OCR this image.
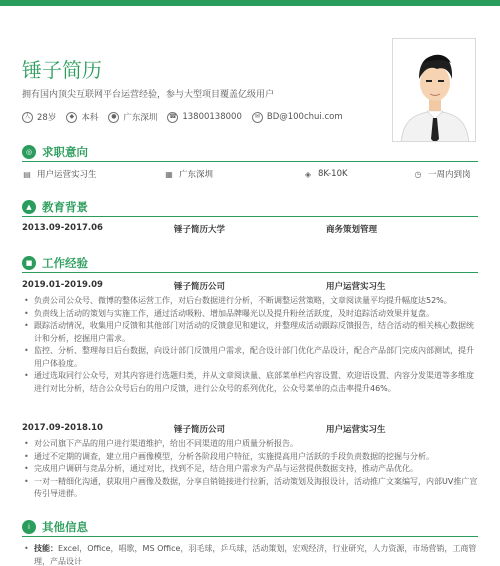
锤子简历
拥有国内顶尖互联网平台运营经验，参与大型项目覆盖亿级用户
人 28岁	◆ 本科	● 广东深圳 ☎ 13800138000	✉ BD@100chui.com
◎ 求职意向
▤ 用户运营实习生	▦ 广东深圳	◈ 8K-10K	◷ 一周内到岗
▲ 教育背景
2013.09-2017.06	锤子简历大学	商务策划管理
■ 工作经验
2019.01-2019.09	锤子简历公司	用户运营实习生
• 负责公司公众号、微博的整体运营工作，对后台数据进行分析，不断调整运营策略，文章阅读量平均提升幅度达52%。
• 负责线上活动的策划与实施工作，通过活动吸粉、增加品牌曝光以及提升粉丝活跃度，及时追踪活动效果并复盘。
• 跟踪活动情况，收集用户反馈和其他部门对活动的反馈意见和建议，并整理成活动跟踪反馈报告，结合活动的相关核心数据统计和分析，挖掘用户需求。
• 监控、分析、整理每日后台数据，向设计部门反馈用户需求，配合设计部门优化产品设计，配合产品部门完成內部测试，提升用户体验度。
• 通过选取同行公众号，对其内容进行选题归类，并从文章阅读量、底部菜单栏内容设置、欢迎语设置、内容分发渠道等多维度进行对比分析，结合公众号后台的用户反馈，进行公众号的系列优化，公众号菜单的点击率提升46%。
2017.09-2018.10	锤子简历公司	用户运营实习生
• 对公司旗下产品的用户进行渠道维护，给出不同渠道的用户质量分析报告。
• 通过不定期的调查，建立用户画像模型，分析各阶段用户特征，实施提高用户活跃的手段负责数据的挖掘与分析。
• 完成用户调研与竞品分析，通过对比，找到不足，结合用户需求为产品与运营提供数据支持，推动产品优化。
• 一对一精细化沟通，获取用户画像及数据，分享自销链接进行拉新，活动策划及海报设计，活动推广文案编写，内部UV推广宣传引导进群。
i	其他信息
• 技能：Excel，Office，唱歌，MS Office，羽毛球，乒乓球，活动策划，宏观经济，行业研究，人力资源，市场营销，工商管理，产品设计
